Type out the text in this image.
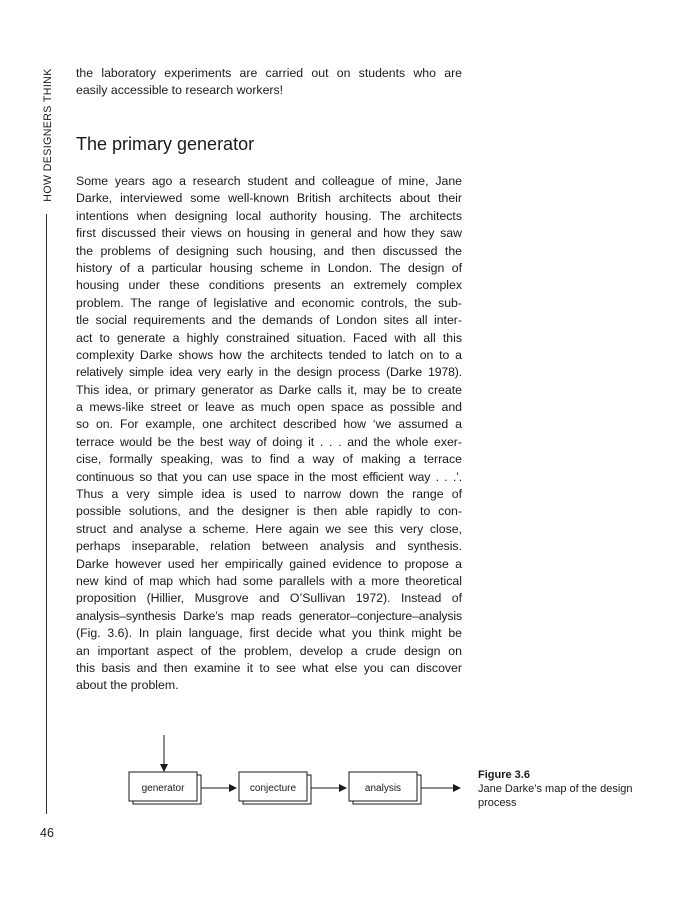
HOW DESIGNERS THINK
46
the laboratory experiments are carried out on students who are
easily accessible to research workers!
The primary generator
Some years ago a research student and colleague of mine, Jane
Darke, interviewed some well-known British architects about their
intentions when designing local authority housing. The architects
first discussed their views on housing in general and how they saw
the problems of designing such housing, and then discussed the
history of a particular housing scheme in London. The design of
housing under these conditions presents an extremely complex
problem. The range of legislative and economic controls, the sub-
tle social requirements and the demands of London sites all inter-
act to generate a highly constrained situation. Faced with all this
complexity Darke shows how the architects tended to latch on to a
relatively simple idea very early in the design process (Darke 1978).
This idea, or primary generator as Darke calls it, may be to create
a mews-like street or leave as much open space as possible and
so on. For example, one architect described how ‘we assumed a
terrace would be the best way of doing it . . . and the whole exer-
cise, formally speaking, was to find a way of making a terrace
continuous so that you can use space in the most efficient way . . .’.
Thus a very simple idea is used to narrow down the range of
possible solutions, and the designer is then able rapidly to con-
struct and analyse a scheme. Here again we see this very close,
perhaps inseparable, relation between analysis and synthesis.
Darke however used her empirically gained evidence to propose a
new kind of map which had some parallels with a more theoretical
proposition (Hillier, Musgrove and O’Sullivan 1972). Instead of
analysis–synthesis Darke’s map reads generator–conjecture–analysis
(Fig. 3.6). In plain language, first decide what you think might be
an important aspect of the problem, develop a crude design on
this basis and then examine it to see what else you can discover
about the problem.
generator	conjecture	analysis
Figure 3.6
Jane Darke’s map of the design
process
